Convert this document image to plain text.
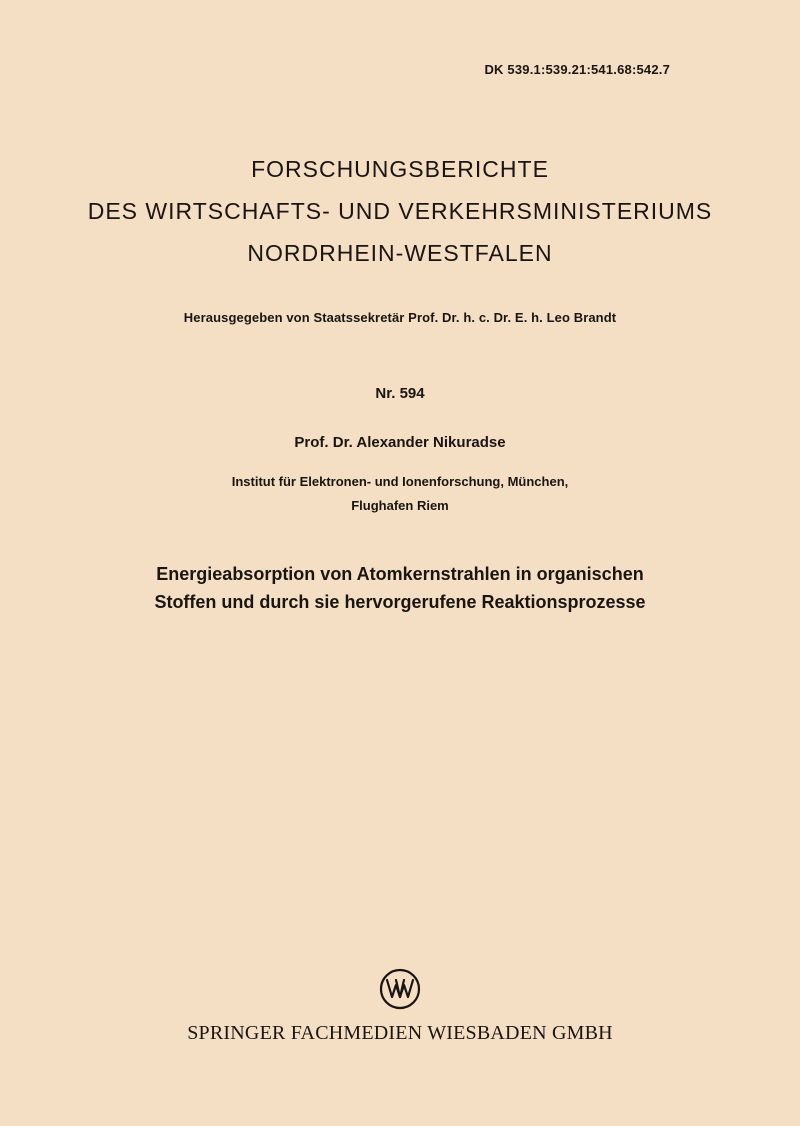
DK 539.1:539.21:541.68:542.7
FORSCHUNGSBERICHTE
DES WIRTSCHAFTS- UND VERKEHRSMINISTERIUMS
NORDRHEIN-WESTFALEN
Herausgegeben von Staatssekretär Prof. Dr. h. c. Dr. E. h. Leo Brandt
Nr. 594
Prof. Dr. Alexander Nikuradse
Institut für Elektronen- und Ionenforschung, München,
Flughafen Riem
Energieabsorption von Atomkernstrahlen in organischen
Stoffen und durch sie hervorgerufene Reaktionsprozesse
SPRINGER FACHMEDIEN WIESBADEN GMBH
